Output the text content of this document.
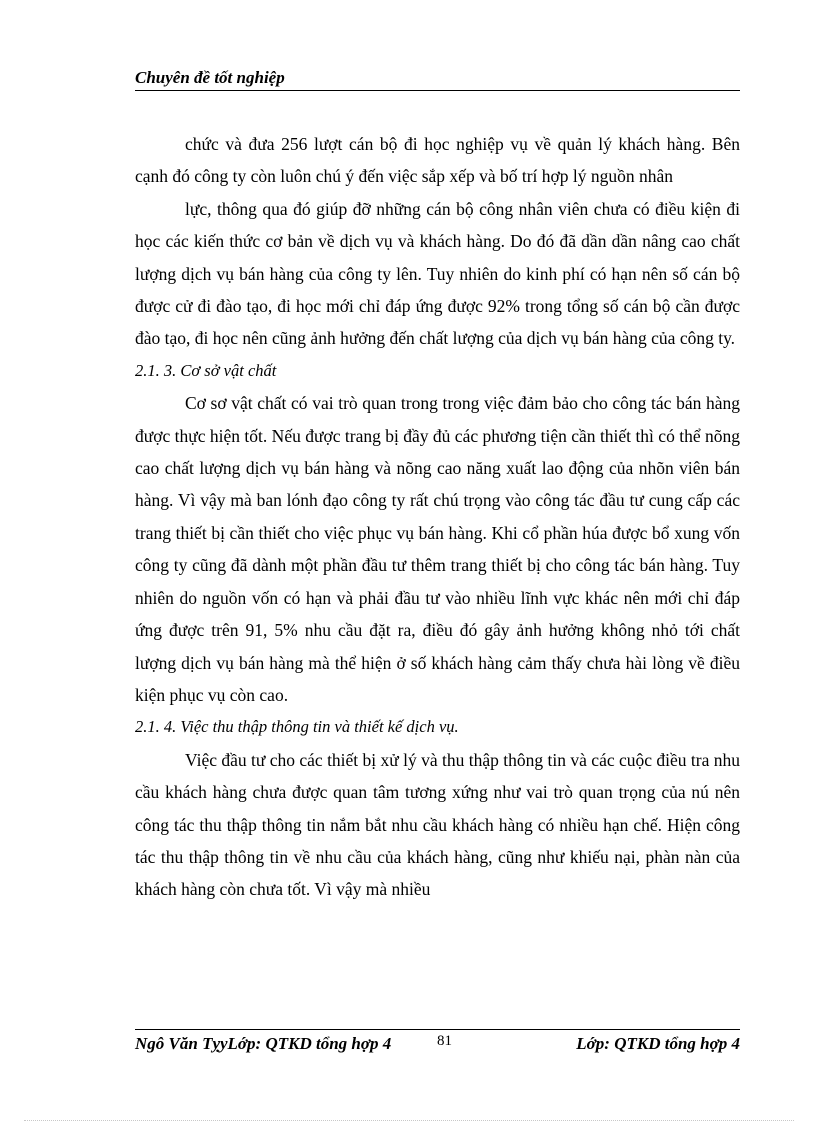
Chuyên đề tốt nghiệp

chức và đưa 256 lượt cán bộ đi học nghiệp vụ về quản lý khách hàng. Bên cạnh đó công ty còn luôn chú ý đến việc sắp xếp và bố trí hợp lý nguồn nhân

lực, thông qua đó giúp đỡ những cán bộ công nhân viên chưa có điều kiện đi học các kiến thức cơ bản về dịch vụ và khách hàng. Do đó đã dần dần nâng cao chất lượng dịch vụ bán hàng của công ty lên. Tuy nhiên do kinh phí có hạn nên số cán bộ được cử đi đào tạo, đi học mới chỉ đáp ứng được 92% trong tổng số cán bộ cần được đào tạo, đi học nên cũng ảnh hưởng đến chất lượng của dịch vụ bán hàng của công ty.

2.1. 3. Cơ sở vật chất

Cơ sơ vật chất có vai trò quan trong trong việc đảm bảo cho công tác bán hàng được thực hiện tốt. Nếu được trang bị đầy đủ các phương tiện cần thiết thì có thể nõng cao chất lượng dịch vụ bán hàng và nõng cao năng xuất lao động của nhõn viên bán hàng. Vì vậy mà ban lónh đạo công ty rất chú trọng vào công tác đầu tư cung cấp các trang thiết bị cần thiết cho việc phục vụ bán hàng. Khi cổ phần húa được bổ xung vốn công ty cũng đã dành một phần đầu tư thêm trang thiết bị cho công tác bán hàng. Tuy nhiên do nguồn vốn có hạn và phải đầu tư vào nhiều lĩnh vực khác nên mới chỉ đáp ứng được trên 91, 5% nhu cầu đặt ra, điều đó gây ảnh hưởng không nhỏ tới chất lượng dịch vụ bán hàng mà thể hiện ở số khách hàng cảm thấy chưa hài lòng về điều kiện phục vụ còn cao.

2.1. 4. Việc thu thập thông tin và thiết kế dịch vụ.

Việc đầu tư cho các thiết bị xử lý và thu thập thông tin và các cuộc điều tra nhu cầu khách hàng chưa được quan tâm tương xứng như vai trò quan trọng của nú nên công tác thu thập thông tin nắm bắt nhu cầu khách hàng có nhiều hạn chế. Hiện công tác thu thập thông tin về nhu cầu của khách hàng, cũng như khiếu nại, phàn nàn của khách hàng còn chưa tốt. Vì vậy mà nhiều

Ngô Văn TỵyLớp: QTKD tổng hợp 4	81	Lớp: QTKD tổng hợp 4
